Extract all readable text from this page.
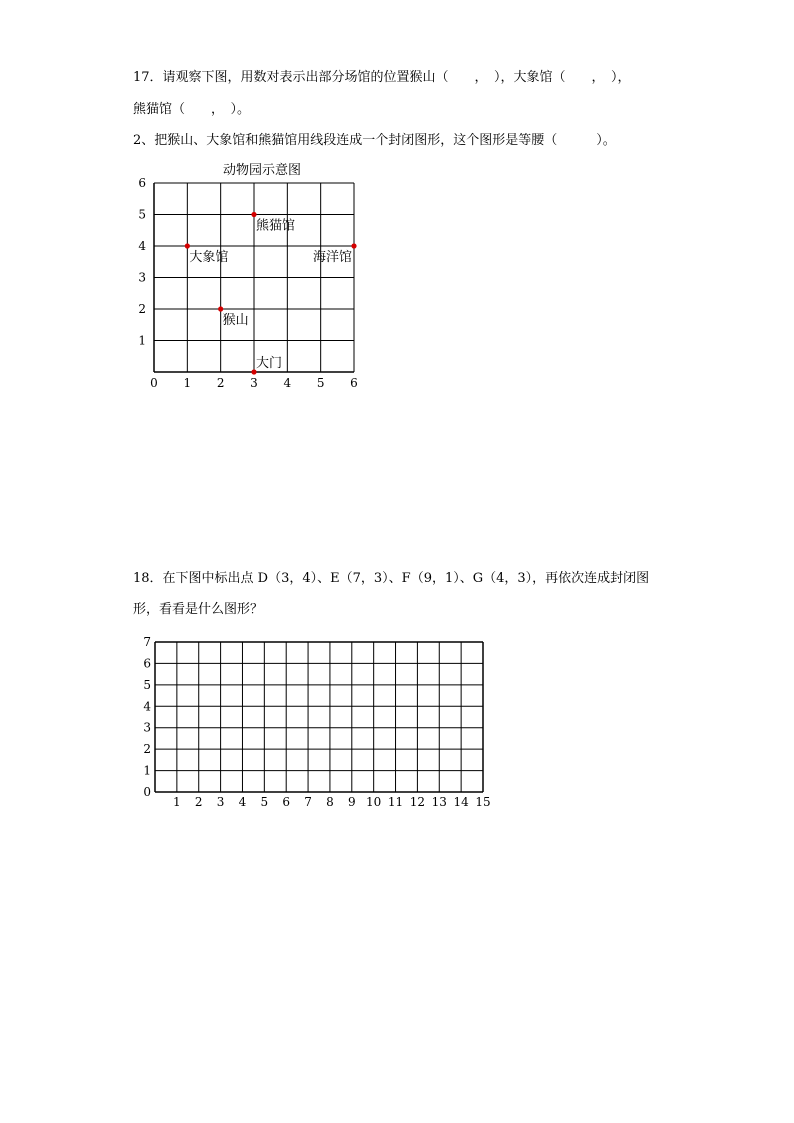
17．请观察下图，用数对表示出部分场馆的位置猴山（　　，　），大象馆（　　，　），
熊猫馆（　　，　）。
2、把猴山、大象馆和熊猫馆用线段连成一个封闭图形，这个图形是等腰（　　　）。
动物园示意图
0 1 2 3 4 5 6
1
2
3
4
5
6
熊猫馆
大象馆	海洋馆
猴山
大门
18．在下图中标出点 D（3，4）、E（7，3）、F（9，1）、G（4，3），再依次连成封闭图
形，看看是什么图形？
1 2 3 4 5 6 7 8 9 10 11 12 13 14 15
0
1
2
3
4
5
6
7
